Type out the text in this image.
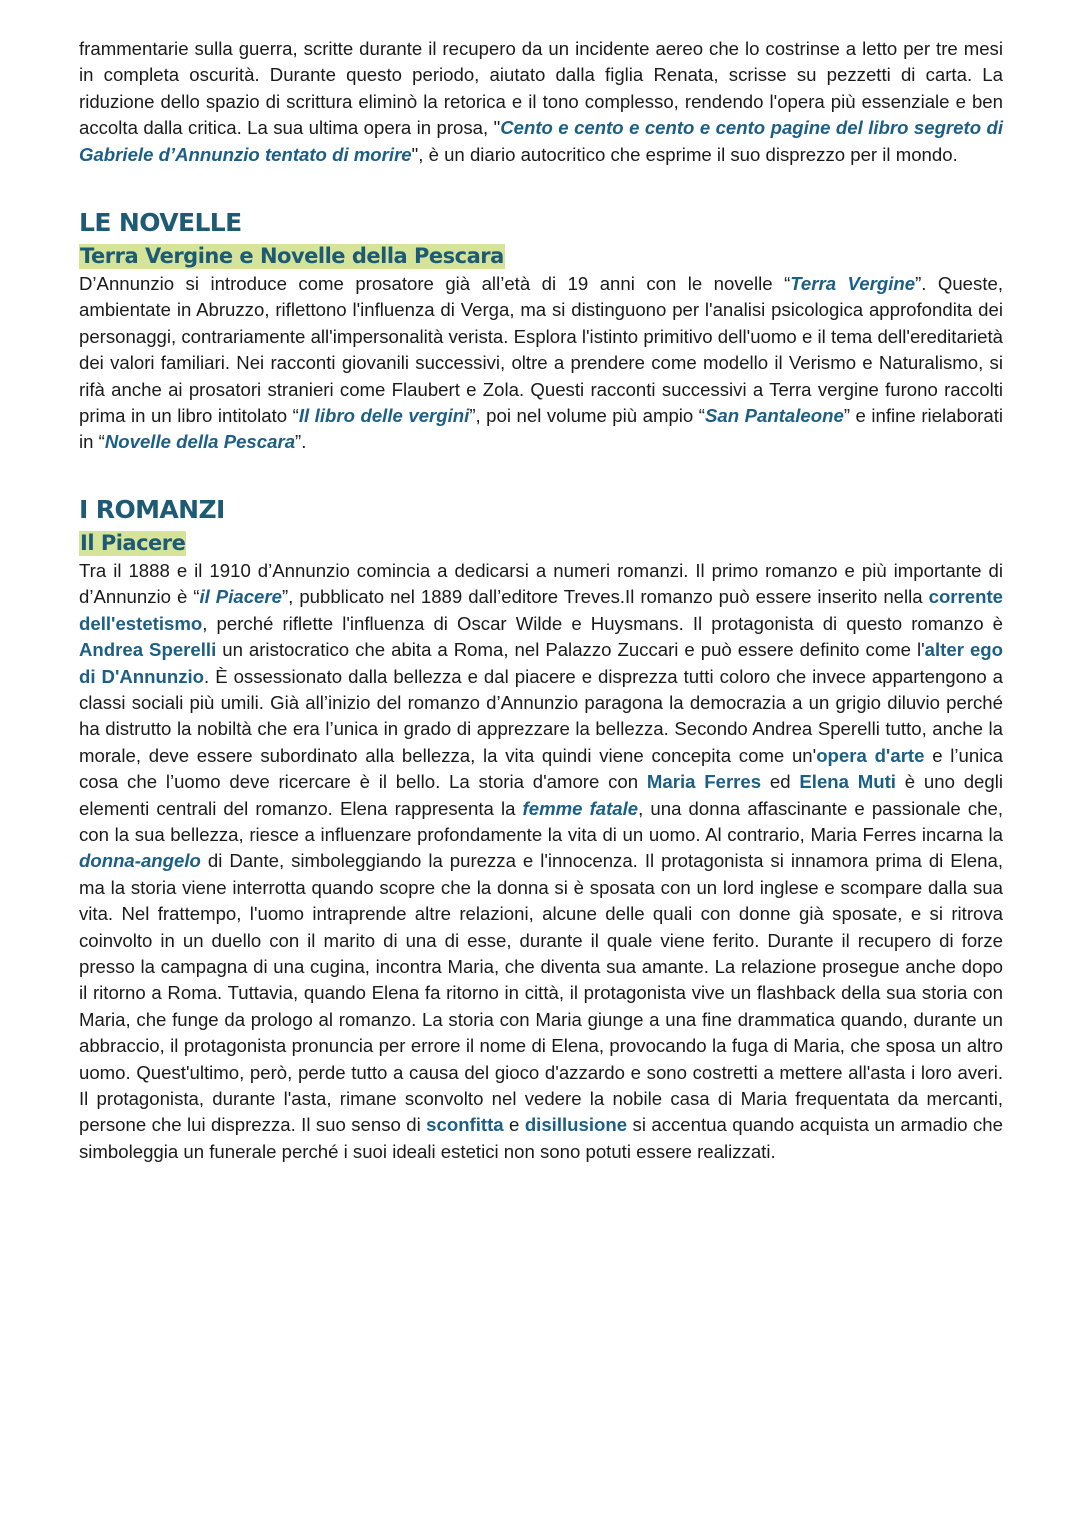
frammentarie sulla guerra, scritte durante il recupero da un incidente aereo che lo costrinse a letto per tre mesi in completa oscurità. Durante questo periodo, aiutato dalla figlia Renata, scrisse su pezzetti di carta. La riduzione dello spazio di scrittura eliminò la retorica e il tono complesso, rendendo l'opera più essenziale e ben accolta dalla critica. La sua ultima opera in prosa, "Cento e cento e cento e cento pagine del libro segreto di Gabriele d’Annunzio tentato di morire", è un diario autocritico che esprime il suo disprezzo per il mondo.

LE NOVELLE
Terra Vergine e Novelle della Pescara

D’Annunzio si introduce come prosatore già all’età di 19 anni con le novelle “Terra Vergine”. Queste, ambientate in Abruzzo, riflettono l'influenza di Verga, ma si distinguono per l'analisi psicologica approfondita dei personaggi, contrariamente all'impersonalità verista. Esplora l'istinto primitivo dell'uomo e il tema dell'ereditarietà dei valori familiari. Nei racconti giovanili successivi, oltre a prendere come modello il Verismo e Naturalismo, si rifà anche ai prosatori stranieri come Flaubert e Zola. Questi racconti successivi a Terra vergine furono raccolti prima in un libro intitolato “Il libro delle vergini”, poi nel volume più ampio “San Pantaleone” e infine rielaborati in “Novelle della Pescara”.

I ROMANZI
Il Piacere

Tra il 1888 e il 1910 d’Annunzio comincia a dedicarsi a numeri romanzi. Il primo romanzo e più importante di d’Annunzio è “il Piacere”, pubblicato nel 1889 dall’editore Treves.Il romanzo può essere inserito nella corrente dell'estetismo, perché riflette l'influenza di Oscar Wilde e Huysmans. Il protagonista di questo romanzo è Andrea Sperelli un aristocratico che abita a Roma, nel Palazzo Zuccari e può essere definito come l'alter ego di D'Annunzio. È ossessionato dalla bellezza e dal piacere e disprezza tutti coloro che invece appartengono a classi sociali più umili. Già all’inizio del romanzo d’Annunzio paragona la democrazia a un grigio diluvio perché ha distrutto la nobiltà che era l’unica in grado di apprezzare la bellezza. Secondo Andrea Sperelli tutto, anche la morale, deve essere subordinato alla bellezza, la vita quindi viene concepita come un'opera d'arte e l’unica cosa che l’uomo deve ricercare è il bello. La storia d'amore con Maria Ferres ed Elena Muti è uno degli elementi centrali del romanzo. Elena rappresenta la femme fatale, una donna affascinante e passionale che, con la sua bellezza, riesce a influenzare profondamente la vita di un uomo. Al contrario, Maria Ferres incarna la donna-angelo di Dante, simboleggiando la purezza e l'innocenza. Il protagonista si innamora prima di Elena, ma la storia viene interrotta quando scopre che la donna si è sposata con un lord inglese e scompare dalla sua vita. Nel frattempo, l'uomo intraprende altre relazioni, alcune delle quali con donne già sposate, e si ritrova coinvolto in un duello con il marito di una di esse, durante il quale viene ferito. Durante il recupero di forze presso la campagna di una cugina, incontra Maria, che diventa sua amante. La relazione prosegue anche dopo il ritorno a Roma. Tuttavia, quando Elena fa ritorno in città, il protagonista vive un flashback della sua storia con Maria, che funge da prologo al romanzo. La storia con Maria giunge a una fine drammatica quando, durante un abbraccio, il protagonista pronuncia per errore il nome di Elena, provocando la fuga di Maria, che sposa un altro uomo. Quest'ultimo, però, perde tutto a causa del gioco d'azzardo e sono costretti a mettere all'asta i loro averi. Il protagonista, durante l'asta, rimane sconvolto nel vedere la nobile casa di Maria frequentata da mercanti, persone che lui disprezza. Il suo senso di sconfitta e disillusione si accentua quando acquista un armadio che simboleggia un funerale perché i suoi ideali estetici non sono potuti essere realizzati.
